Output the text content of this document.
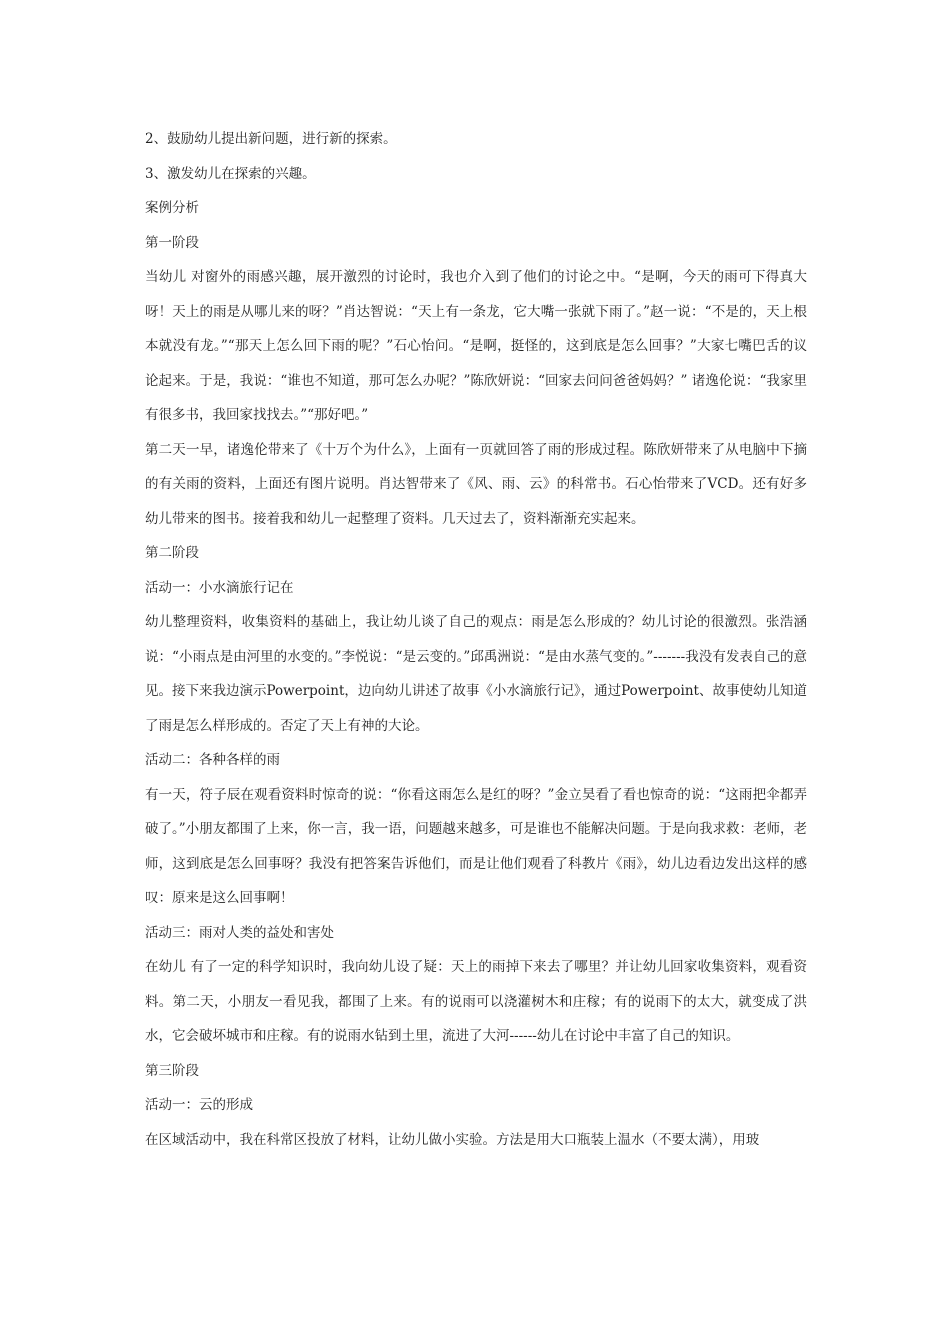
2、鼓励幼儿提出新问题，进行新的探索。

3、激发幼儿在探索的兴趣。

案例分析

第一阶段

当幼儿 对窗外的雨感兴趣，展开激烈的讨论时，我也介入到了他们的讨论之中。“是啊，今天的雨可下得真大呀！天上的雨是从哪儿来的呀？”肖达智说：“天上有一条龙，它大嘴一张就下雨了。”赵一说：“不是的，天上根本就没有龙。”“那天上怎么回下雨的呢？”石心怡问。“是啊，挺怪的，这到底是怎么回事？”大家七嘴巴舌的议论起来。于是，我说：“谁也不知道，那可怎么办呢？”陈欣妍说：“回家去问问爸爸妈妈？” 诸逸伦说：“我家里有很多书，我回家找找去。”“那好吧。”

第二天一早，诸逸伦带来了《十万个为什么》，上面有一页就回答了雨的形成过程。陈欣妍带来了从电脑中下摘的有关雨的资料，上面还有图片说明。肖达智带来了《风、雨、云》的科常书。石心怡带来了VCD。还有好多幼儿带来的图书。接着我和幼儿一起整理了资料。几天过去了，资料渐渐充实起来。

第二阶段

活动一：小水滴旅行记在

幼儿整理资料，收集资料的基础上，我让幼儿谈了自己的观点：雨是怎么形成的？幼儿讨论的很激烈。张浩涵说：“小雨点是由河里的水变的。”李悦说：“是云变的。”邱禹洲说：“是由水蒸气变的。”-------我没有发表自己的意见。接下来我边演示Powerpoint，边向幼儿讲述了故事《小水滴旅行记》，通过Powerpoint、故事使幼儿知道了雨是怎么样形成的。否定了天上有神的大论。

活动二：各种各样的雨

有一天，符子辰在观看资料时惊奇的说：“你看这雨怎么是红的呀？”金立昊看了看也惊奇的说：“这雨把伞都弄破了。”小朋友都围了上来，你一言，我一语，问题越来越多，可是谁也不能解决问题。于是向我求救：老师，老师，这到底是怎么回事呀？我没有把答案告诉他们，而是让他们观看了科教片《雨》，幼儿边看边发出这样的感叹：原来是这么回事啊！

活动三：雨对人类的益处和害处

在幼儿 有了一定的科学知识时，我向幼儿设了疑：天上的雨掉下来去了哪里？并让幼儿回家收集资料，观看资料。第二天，小朋友一看见我，都围了上来。有的说雨可以浇灌树木和庄稼；有的说雨下的太大，就变成了洪水，它会破坏城市和庄稼。有的说雨水钻到土里，流进了大河------幼儿在讨论中丰富了自己的知识。

第三阶段

活动一：云的形成

在区域活动中，我在科常区投放了材料，让幼儿做小实验。方法是用大口瓶装上温水（不要太满），用玻
